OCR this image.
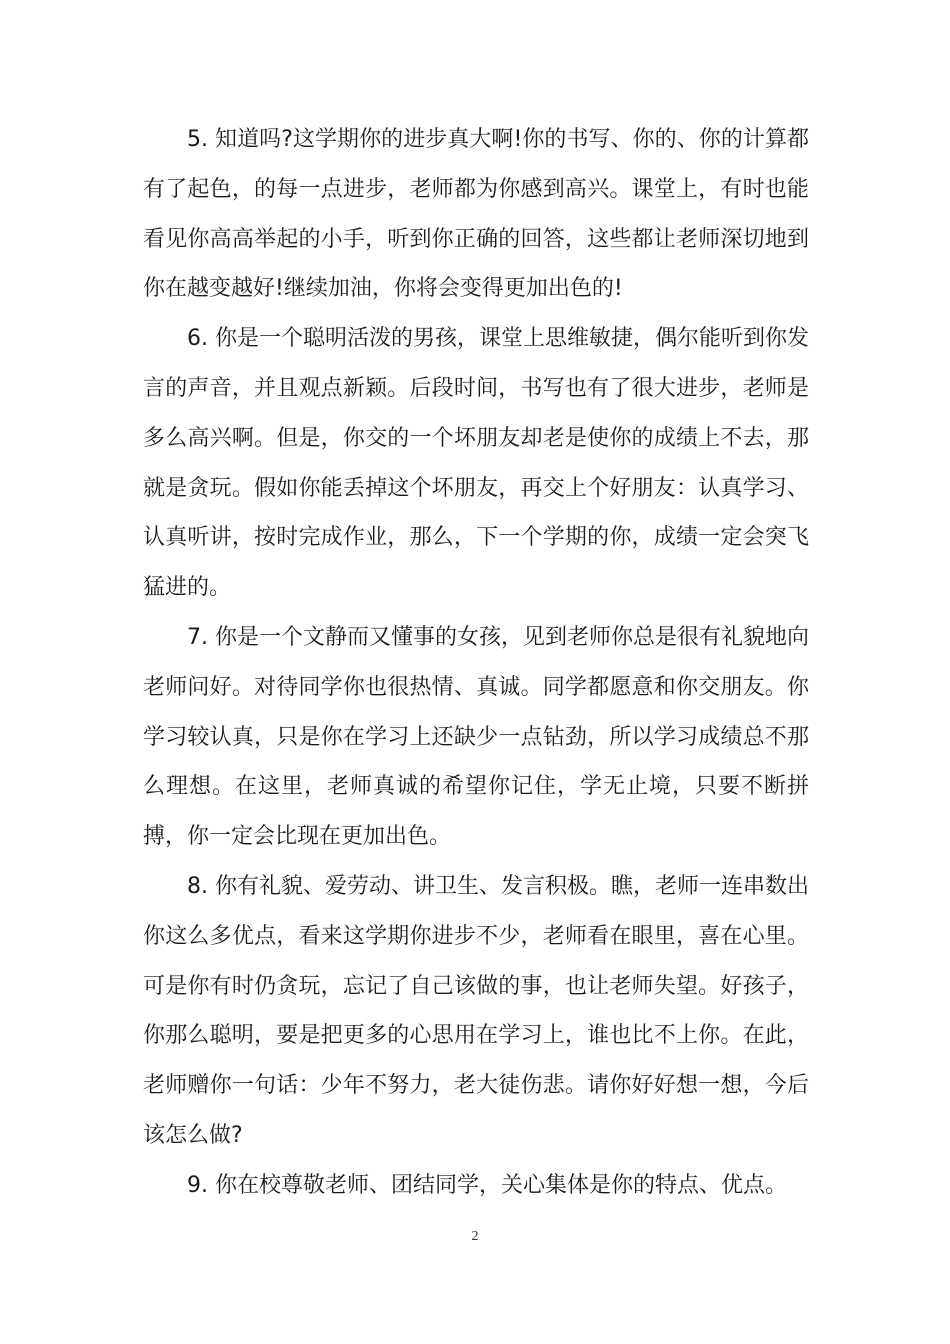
5. 知道吗?这学期你的进步真大啊!你的书写、你的、你的计算都有了起色，的每一点进步，老师都为你感到高兴。课堂上，有时也能看见你高高举起的小手，听到你正确的回答，这些都让老师深切地到你在越变越好!继续加油，你将会变得更加出色的!

6. 你是一个聪明活泼的男孩，课堂上思维敏捷，偶尔能听到你发言的声音，并且观点新颖。后段时间，书写也有了很大进步，老师是多么高兴啊。但是，你交的一个坏朋友却老是使你的成绩上不去，那就是贪玩。假如你能丢掉这个坏朋友，再交上个好朋友：认真学习、认真听讲，按时完成作业，那么，下一个学期的你，成绩一定会突飞猛进的。

7. 你是一个文静而又懂事的女孩，见到老师你总是很有礼貌地向老师问好。对待同学你也很热情、真诚。同学都愿意和你交朋友。你学习较认真，只是你在学习上还缺少一点钻劲，所以学习成绩总不那么理想。在这里，老师真诚的希望你记住，学无止境，只要不断拼搏，你一定会比现在更加出色。

8. 你有礼貌、爱劳动、讲卫生、发言积极。瞧，老师一连串数出你这么多优点，看来这学期你进步不少，老师看在眼里，喜在心里。可是你有时仍贪玩，忘记了自己该做的事，也让老师失望。好孩子，你那么聪明，要是把更多的心思用在学习上，谁也比不上你。在此，老师赠你一句话：少年不努力，老大徒伤悲。请你好好想一想，今后该怎么做?

9. 你在校尊敬老师、团结同学，关心集体是你的特点、优点。

2
